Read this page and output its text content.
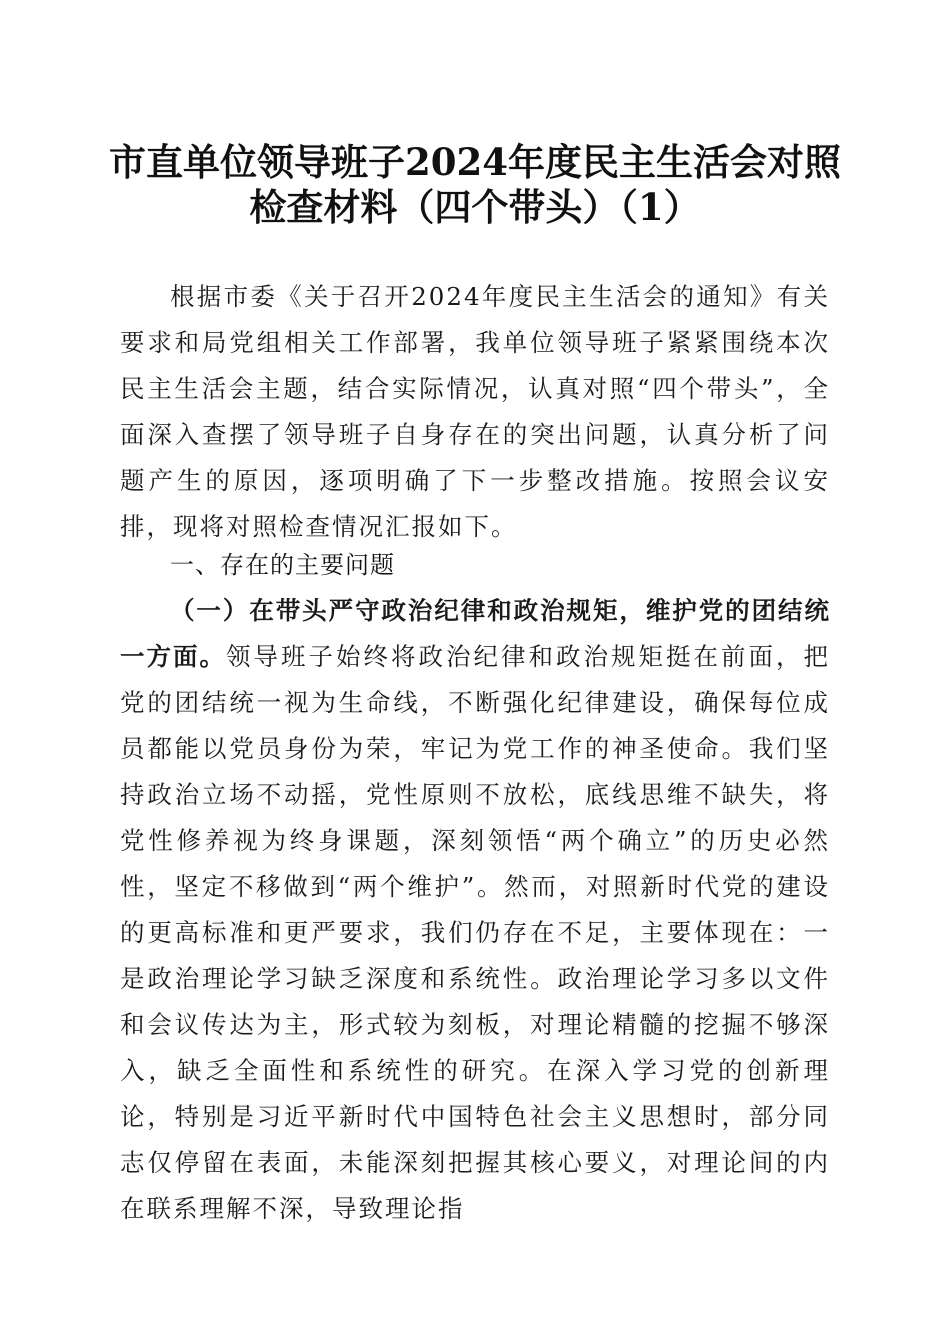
市直单位领导班子2024年度民主生活会对照
检查材料（四个带头）（1）
根据市委《关于召开2024年度民主生活会的通知》有关要求和局党组相关工作部署，我单位领导班子紧紧围绕本次民主生活会主题，结合实际情况，认真对照“四个带头”，全面深入查摆了领导班子自身存在的突出问题，认真分析了问题产生的原因，逐项明确了下一步整改措施。按照会议安排，现将对照检查情况汇报如下。
一、存在的主要问题
（一）在带头严守政治纪律和政治规矩，维护党的团结统一方面。领导班子始终将政治纪律和政治规矩挺在前面，把党的团结统一视为生命线，不断强化纪律建设，确保每位成员都能以党员身份为荣，牢记为党工作的神圣使命。我们坚持政治立场不动摇，党性原则不放松，底线思维不缺失，将党性修养视为终身课题，深刻领悟“两个确立”的历史必然性，坚定不移做到“两个维护”。然而，对照新时代党的建设的更高标准和更严要求，我们仍存在不足，主要体现在：一是政治理论学习缺乏深度和系统性。政治理论学习多以文件和会议传达为主，形式较为刻板，对理论精髓的挖掘不够深入，缺乏全面性和系统性的研究。在深入学习党的创新理论，特别是习近平新时代中国特色社会主义思想时，部分同志仅停留在表面，未能深刻把握其核心要义，对理论间的内在联系理解不深，导致理论指
